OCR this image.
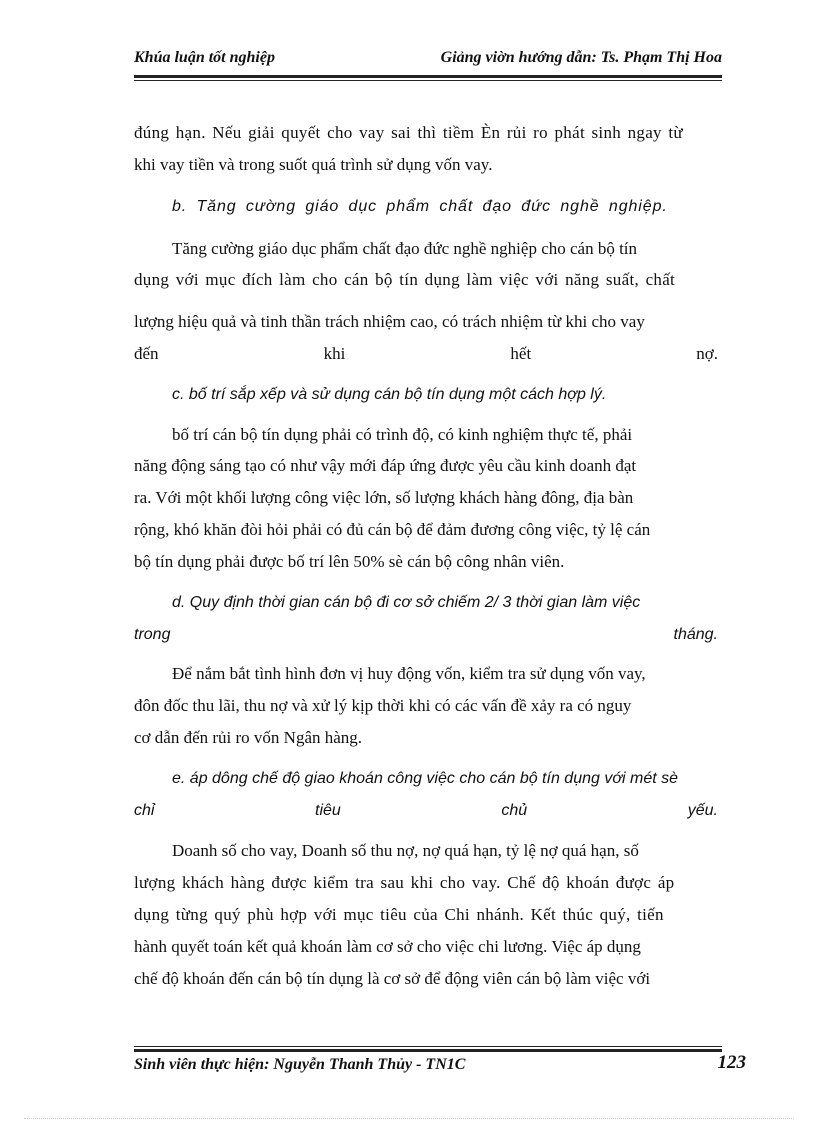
Khúa luận tốt nghiệp	Giảng viờn hướng dẫn: Ts. Phạm Thị Hoa
đúng hạn. Nếu giải quyết cho vay sai thì tiềm Èn rủi ro phát sinh ngay từ
khi vay tiền và trong suốt quá trình sử dụng vốn vay.
b. Tăng cường giáo dục phẩm chất đạo đức nghề nghiệp.
Tăng cường giáo dục phẩm chất đạo đức nghề nghiệp cho cán bộ tín
dụng với mục đích làm cho cán bộ tín dụng làm việc với năng suất, chất
lượng hiệu quả và tinh thần trách nhiệm cao, có trách nhiệm từ khi cho vay
đến	khi	hết	nợ.
c. bố trí sắp xếp và sử dụng cán bộ tín dụng một cách hợp lý.
bố trí cán bộ tín dụng phải có trình độ, có kinh nghiệm thực tế, phải
năng động sáng tạo có như vậy mới đáp ứng được yêu cầu kinh doanh đạt
ra. Với một khối lượng công việc lớn, số lượng khách hàng đông, địa bàn
rộng, khó khăn đòi hỏi phải có đủ cán bộ để đảm đương công việc, tỷ lệ cán
bộ tín dụng phải được bố trí lên 50% sè cán bộ công nhân viên.
d. Quy định thời gian cán bộ đi cơ sở chiếm 2/ 3 thời gian làm việc
trong	tháng.
Để nắm bắt tình hình đơn vị huy động vốn, kiểm tra sử dụng vốn vay,
đôn đốc thu lãi, thu nợ và xử lý kịp thời khi có các vấn đề xảy ra có nguy
cơ dẫn đến rủi ro vốn Ngân hàng.
e. áp dông chế độ giao khoán công việc cho cán bộ tín dụng với mét sè
chỉ	tiêu	chủ	yếu.
Doanh số cho vay, Doanh số thu nợ, nợ quá hạn, tỷ lệ nợ quá hạn, số
lượng khách hàng được kiểm tra sau khi cho vay. Chế độ khoán được áp
dụng từng quý phù hợp với mục tiêu của Chi nhánh. Kết thúc quý, tiến
hành quyết toán kết quả khoán làm cơ sở cho việc chi lương. Việc áp dụng
chế độ khoán đến cán bộ tín dụng là cơ sở để động viên cán bộ làm việc với
Sinh viên thực hiện: Nguyễn Thanh Thủy - TN1C	123
